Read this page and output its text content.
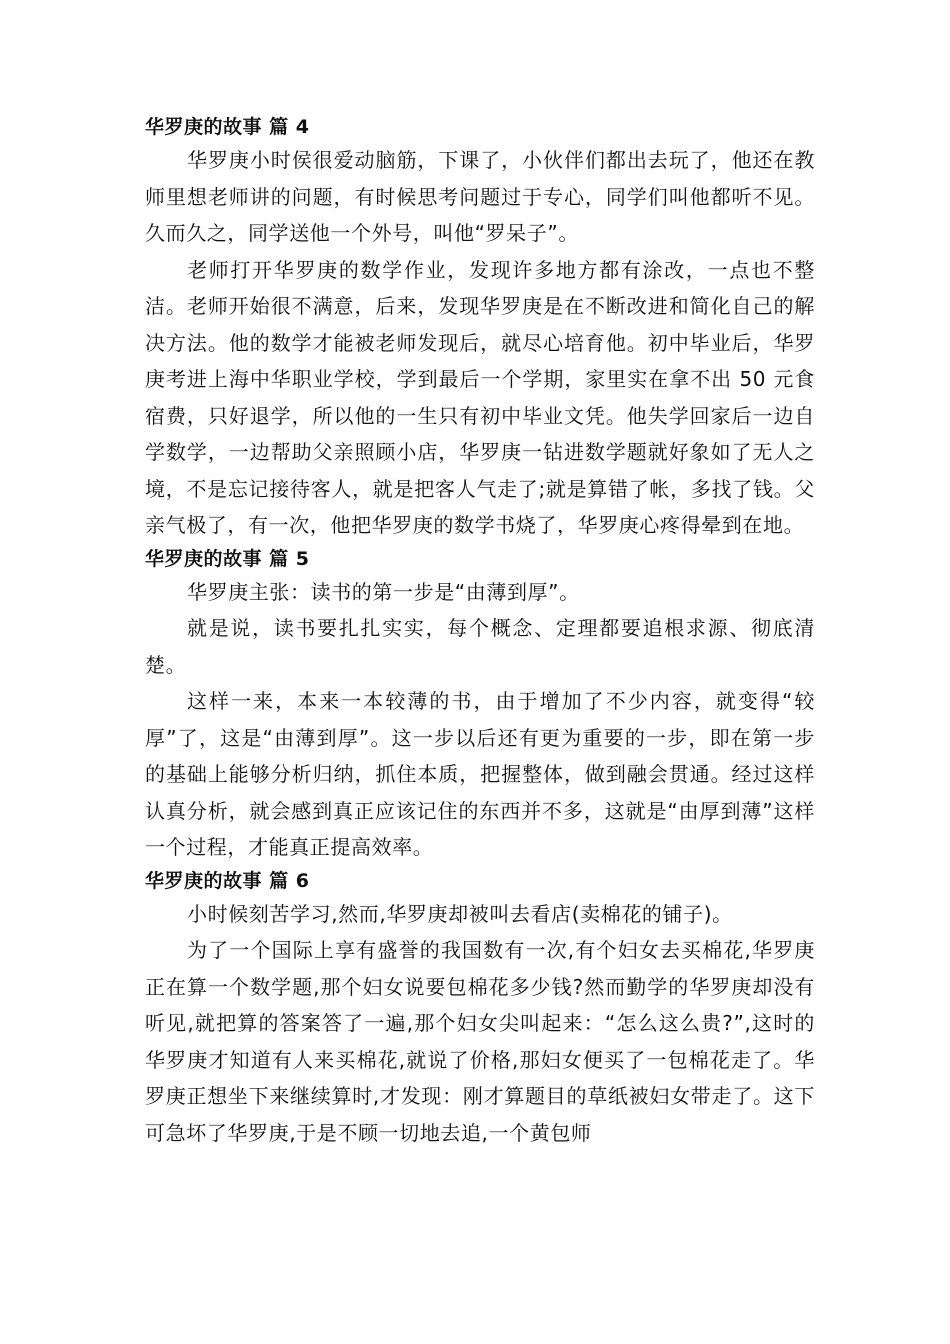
华罗庚的故事 篇 4

华罗庚小时侯很爱动脑筋，下课了，小伙伴们都出去玩了，他还在教师里想老师讲的问题，有时候思考问题过于专心，同学们叫他都听不见。久而久之，同学送他一个外号，叫他“罗呆子”。

老师打开华罗庚的数学作业，发现许多地方都有涂改，一点也不整洁。老师开始很不满意，后来，发现华罗庚是在不断改进和简化自己的解决方法。他的数学才能被老师发现后，就尽心培育他。初中毕业后，华罗庚考进上海中华职业学校，学到最后一个学期，家里实在拿不出 50 元食宿费，只好退学，所以他的一生只有初中毕业文凭。他失学回家后一边自学数学，一边帮助父亲照顾小店，华罗庚一钻进数学题就好象如了无人之境，不是忘记接待客人，就是把客人气走了;就是算错了帐，多找了钱。父亲气极了，有一次，他把华罗庚的数学书烧了，华罗庚心疼得晕到在地。

华罗庚的故事 篇 5

华罗庚主张：读书的第一步是“由薄到厚”。

就是说，读书要扎扎实实，每个概念、定理都要追根求源、彻底清楚。

这样一来，本来一本较薄的书，由于增加了不少内容，就变得“较厚”了，这是“由薄到厚”。这一步以后还有更为重要的一步，即在第一步的基础上能够分析归纳，抓住本质，把握整体，做到融会贯通。经过这样认真分析，就会感到真正应该记住的东西并不多，这就是“由厚到薄”这样一个过程，才能真正提高效率。

华罗庚的故事 篇 6

小时候刻苦学习,然而,华罗庚却被叫去看店(卖棉花的铺子)。

为了一个国际上享有盛誉的我国数有一次,有个妇女去买棉花,华罗庚正在算一个数学题,那个妇女说要包棉花多少钱?然而勤学的华罗庚却没有听见,就把算的答案答了一遍,那个妇女尖叫起来：“怎么这么贵?”,这时的华罗庚才知道有人来买棉花,就说了价格,那妇女便买了一包棉花走了。华罗庚正想坐下来继续算时,才发现：刚才算题目的草纸被妇女带走了。这下可急坏了华罗庚,于是不顾一切地去追,一个黄包师
